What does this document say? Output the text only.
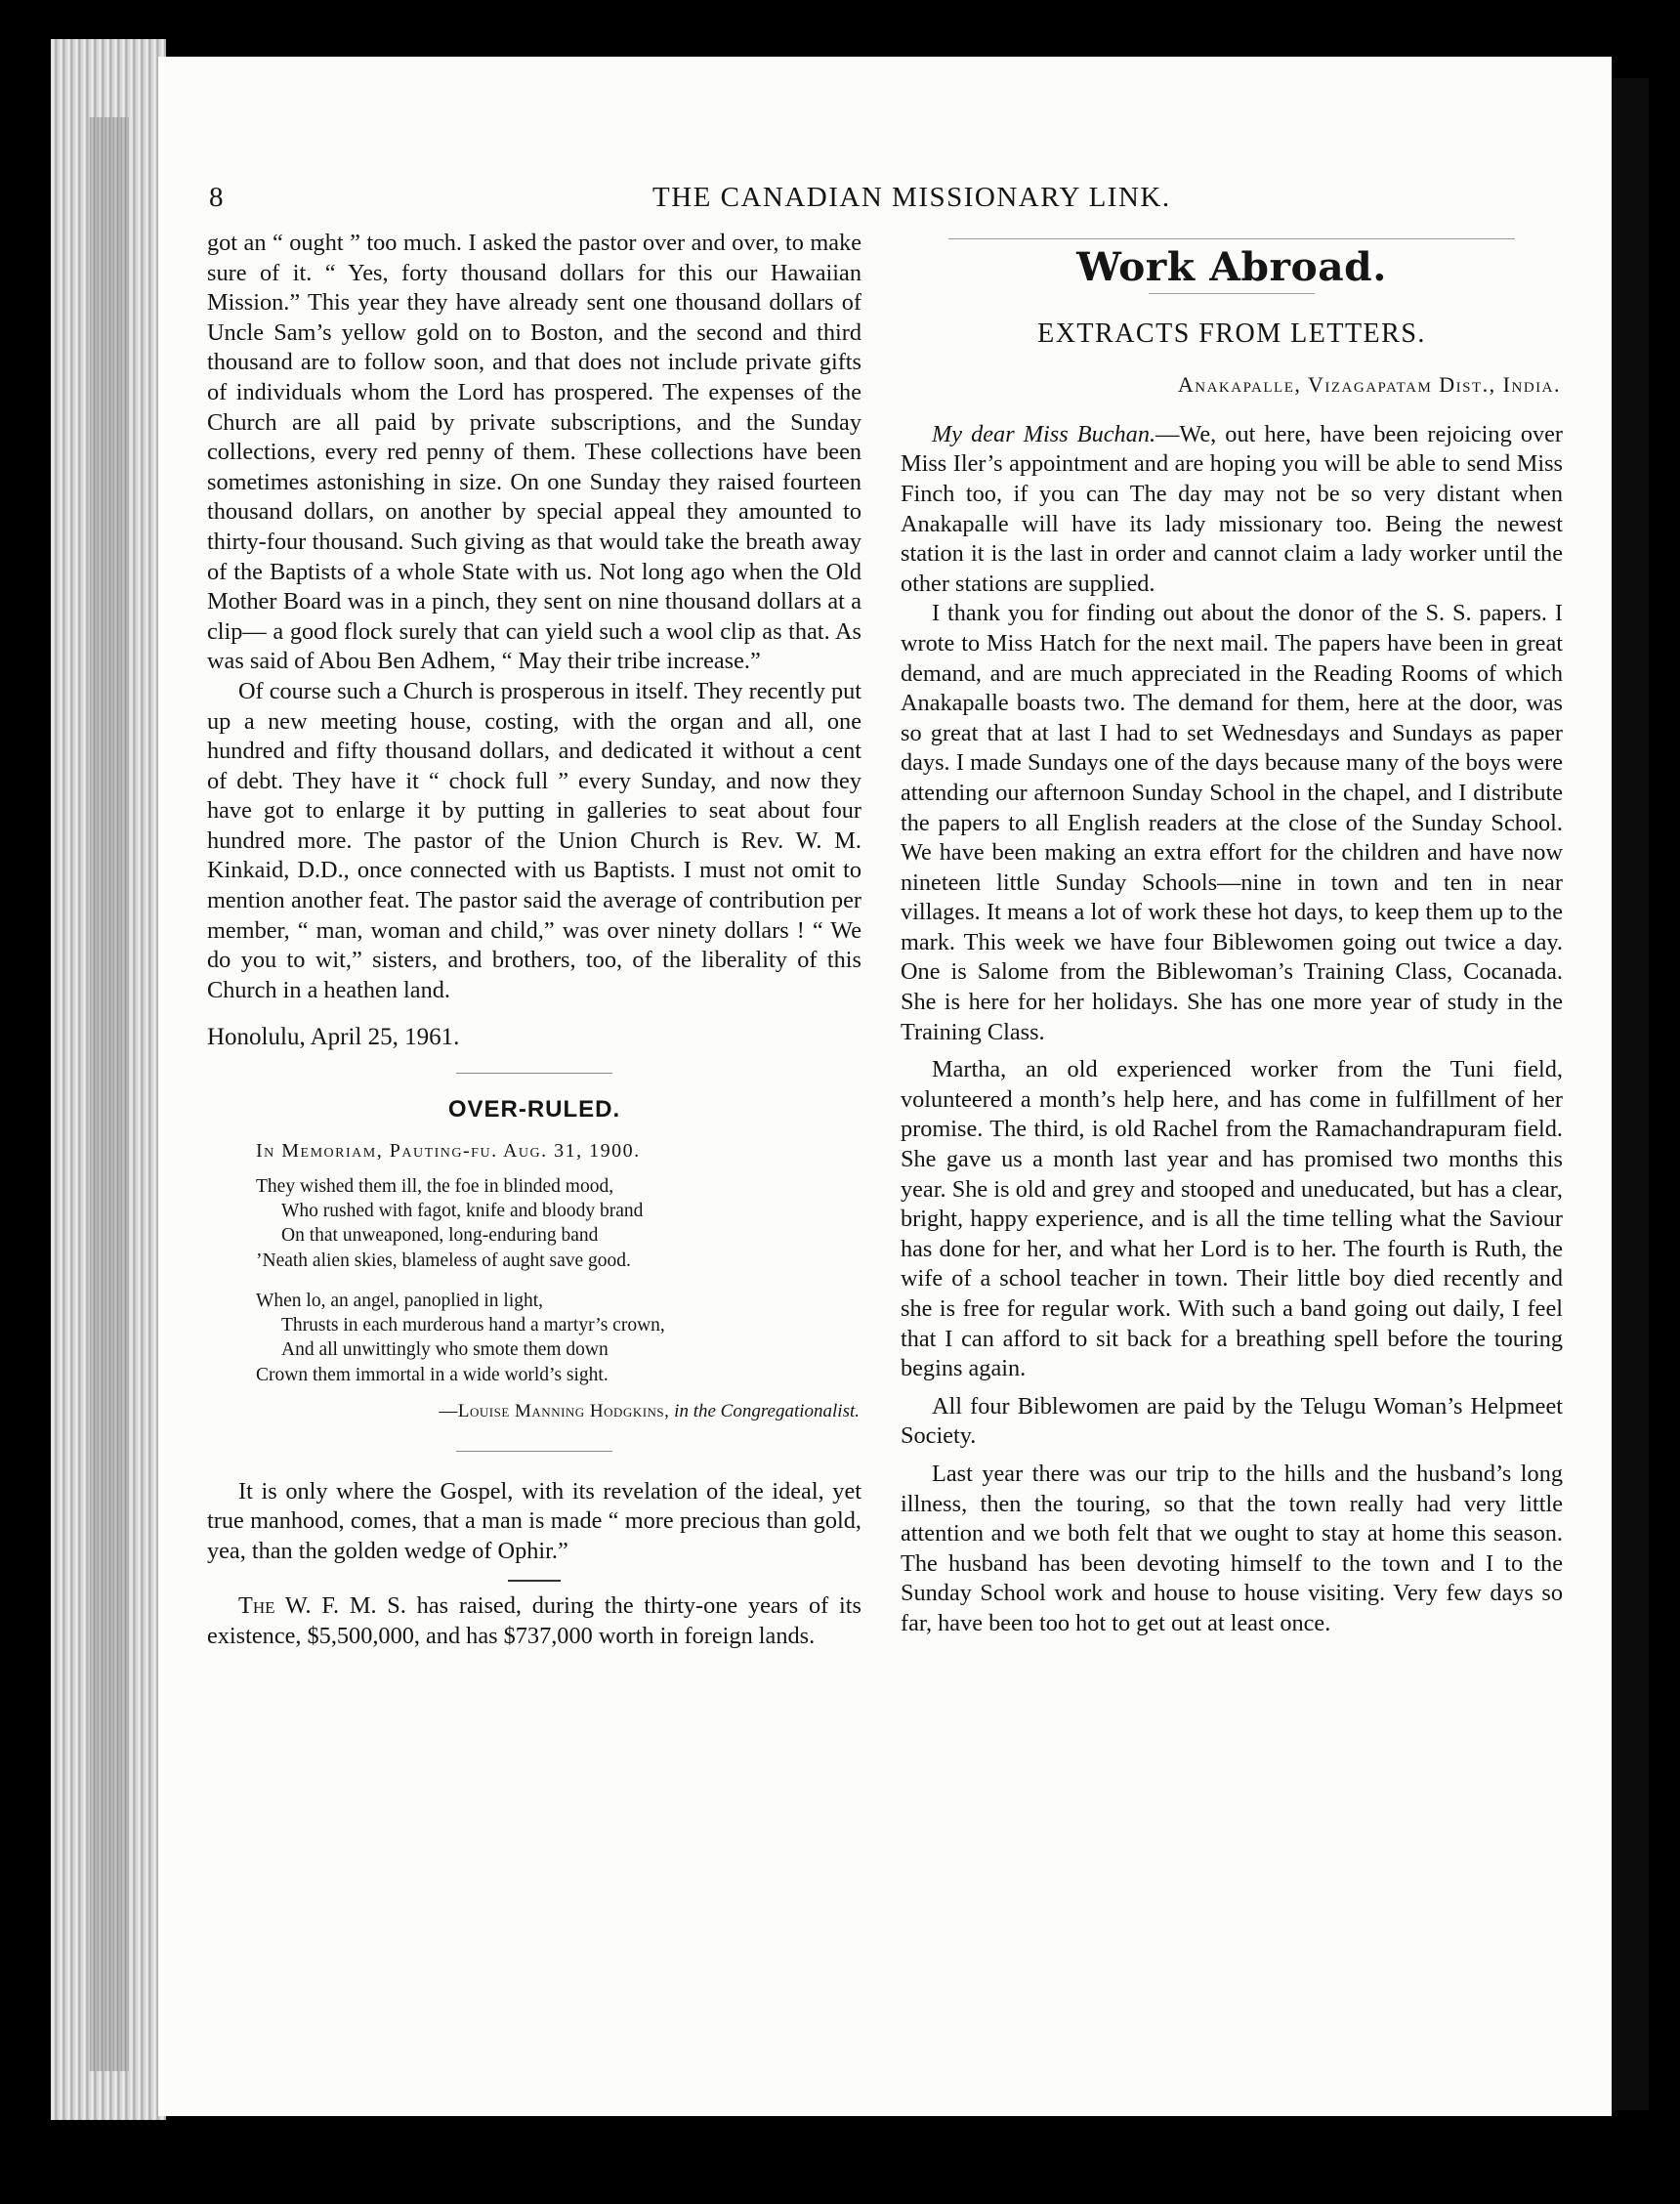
8	THE CANADIAN MISSIONARY LINK.

got an “ ought ” too much. I asked the pastor over and over, to make sure of it. “ Yes, forty thousand dollars for this our Hawaiian Mission.” This year they have already sent one thousand dollars of Uncle Sam’s yellow gold on to Boston, and the second and third thousand are to follow soon, and that does not include private gifts of individuals whom the Lord has prospered. The expenses of the Church are all paid by private subscriptions, and the Sunday collections, every red penny of them. These collections have been sometimes astonishing in size. On one Sunday they raised fourteen thousand dollars, on another by special appeal they amounted to thirty-four thousand. Such giving as that would take the breath away of the Baptists of a whole State with us. Not long ago when the Old Mother Board was in a pinch, they sent on nine thousand dollars at a clip— a good flock surely that can yield such a wool clip as that. As was said of Abou Ben Adhem, “ May their tribe increase.”

Of course such a Church is prosperous in itself. They recently put up a new meeting house, costing, with the organ and all, one hundred and fifty thousand dollars, and dedicated it without a cent of debt. They have it “ chock full ” every Sunday, and now they have got to enlarge it by putting in galleries to seat about four hundred more. The pastor of the Union Church is Rev. W. M. Kinkaid, D.D., once connected with us Baptists. I must not omit to mention another feat. The pastor said the average of contribution per member, “ man, woman and child,” was over ninety dollars ! “ We do you to wit,” sisters, and brothers, too, of the liberality of this Church in a heathen land.

Honolulu, April 25, 1961.

OVER-RULED.
In Memoriam, Pauting-fu. Aug. 31, 1900.
They wished them ill, the foe in blinded mood,
Who rushed with fagot, knife and bloody brand
On that unweaponed, long-enduring band
’Neath alien skies, blameless of aught save good.
When lo, an angel, panoplied in light,
Thrusts in each murderous hand a martyr’s crown,
And all unwittingly who smote them down
Crown them immortal in a wide world’s sight.
—Louise Manning Hodgkins, in the Congregationalist.

It is only where the Gospel, with its revelation of the ideal, yet true manhood, comes, that a man is made “ more precious than gold, yea, than the golden wedge of Ophir.”

The W. F. M. S. has raised, during the thirty-one years of its existence, $5,500,000, and has $737,000 worth in foreign lands.

Work Abroad.
EXTRACTS FROM LETTERS.
Anakapalle, Vizagapatam Dist., India.

My dear Miss Buchan.—We, out here, have been rejoicing over Miss Iler’s appointment and are hoping you will be able to send Miss Finch too, if you can The day may not be so very distant when Anakapalle will have its lady missionary too. Being the newest station it is the last in order and cannot claim a lady worker until the other stations are supplied.

I thank you for finding out about the donor of the S. S. papers. I wrote to Miss Hatch for the next mail. The papers have been in great demand, and are much appreciated in the Reading Rooms of which Anakapalle boasts two. The demand for them, here at the door, was so great that at last I had to set Wednesdays and Sundays as paper days. I made Sundays one of the days because many of the boys were attending our afternoon Sunday School in the chapel, and I distribute the papers to all English readers at the close of the Sunday School. We have been making an extra effort for the children and have now nineteen little Sunday Schools—nine in town and ten in near villages. It means a lot of work these hot days, to keep them up to the mark. This week we have four Biblewomen going out twice a day. One is Salome from the Biblewoman’s Training Class, Cocanada. She is here for her holidays. She has one more year of study in the Training Class.

Martha, an old experienced worker from the Tuni field, volunteered a month’s help here, and has come in fulfillment of her promise. The third, is old Rachel from the Ramachandrapuram field. She gave us a month last year and has promised two months this year. She is old and grey and stooped and uneducated, but has a clear, bright, happy experience, and is all the time telling what the Saviour has done for her, and what her Lord is to her. The fourth is Ruth, the wife of a school teacher in town. Their little boy died recently and she is free for regular work. With such a band going out daily, I feel that I can afford to sit back for a breathing spell before the touring begins again.

All four Biblewomen are paid by the Telugu Woman’s Helpmeet Society.

Last year there was our trip to the hills and the husband’s long illness, then the touring, so that the town really had very little attention and we both felt that we ought to stay at home this season. The husband has been devoting himself to the town and I to the Sunday School work and house to house visiting. Very few days so far, have been too hot to get out at least once.
